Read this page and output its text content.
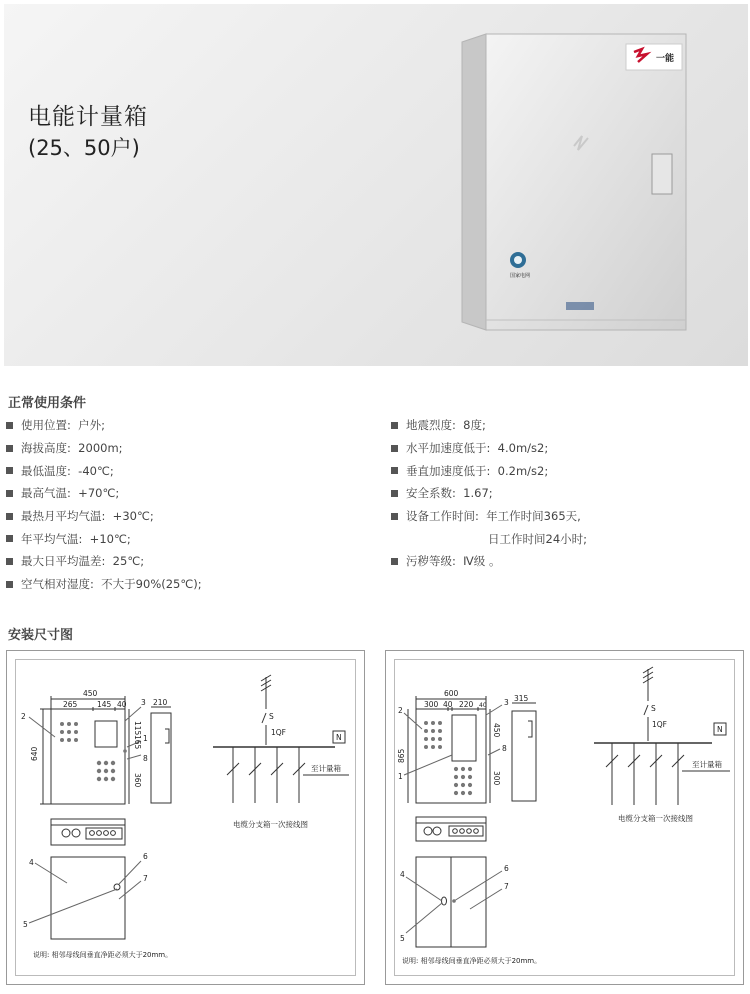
电能计量箱
(25、50户)
一能
国家电网
正常使用条件
使用位置:  户外;
海拔高度:  2000m;
最低温度:  -40℃;
最高气温:  +70℃;
最热月平均气温:  +30℃;
年平均气温:  +10℃;
最大日平均温差:  25℃;
空气相对湿度:  不大于90%(25℃);
地震烈度:  8度;
水平加速度低于:  4.0m/s2;
垂直加速度低于:  0.2m/s2;
安全系数:  1.67;
设备工作时间:  年工作时间365天,
日工作时间24小时;
污秽等级:  Ⅳ级 。
安装尺寸图
450
265	145 40
640
115
165
360
210
2
3
1
8
4
6
7
5
S
1QF
N
至计量箱
电缆分支箱一次接线图
说明: 相邻母线间垂直净距必须大于20mm。
600
300 40 220 40
865
450
300
315
2
3
8
1
4
6
7
5
S
1QF
N
至计量箱
电缆分支箱一次接线图
说明: 相邻母线间垂直净距必须大于20mm。
